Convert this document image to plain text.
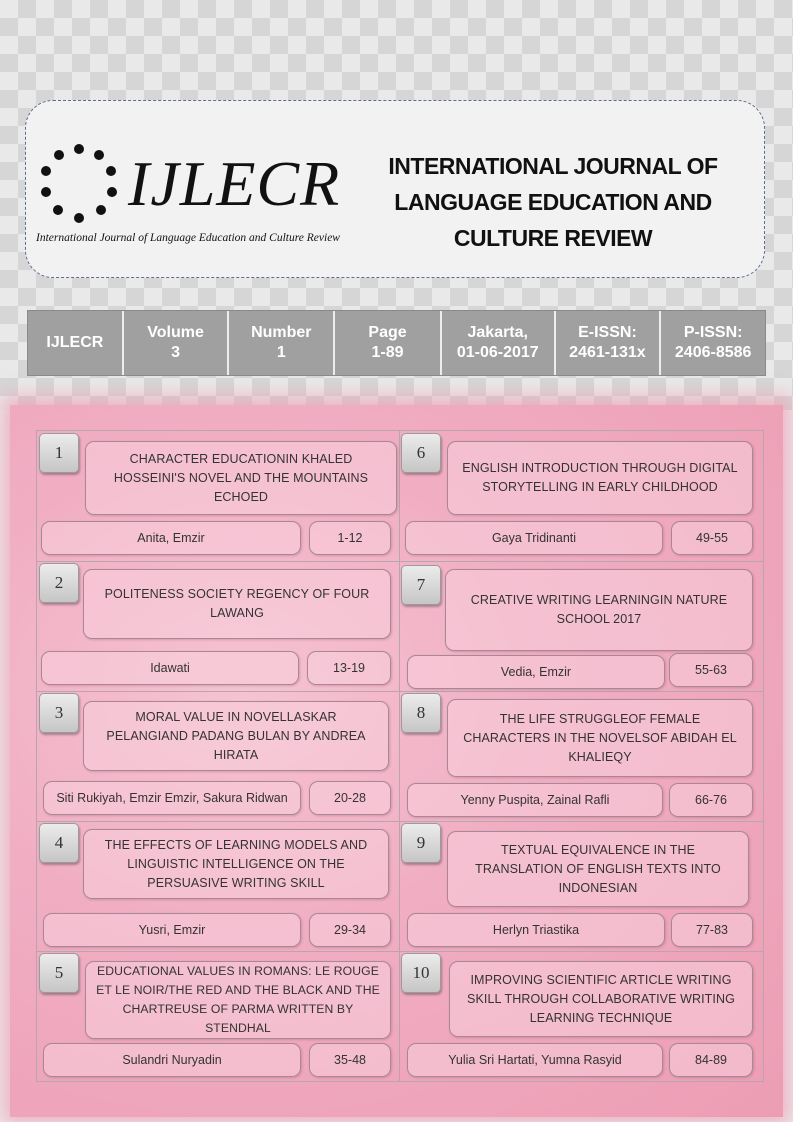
IJLECR
International Journal of Language Education and Culture Review
INTERNATIONAL JOURNAL OF LANGUAGE EDUCATION AND CULTURE REVIEW
IJLECR
Volume
3
Number
1
Page
1-89
Jakarta,
01-06-2017
E-ISSN:
2461-131x
P-ISSN:
2406-8586
1	CHARACTER EDUCATIONIN KHALED HOSSEINI'S NOVEL AND THE MOUNTAINS ECHOED
Anita, Emzir	1-12
2
POLITENESS SOCIETY REGENCY OF FOUR LAWANG
Idawati	13-19
3	MORAL VALUE IN NOVELLASKAR PELANGIAND PADANG BULAN BY ANDREA HIRATA
Siti Rukiyah, Emzir Emzir, Sakura Ridwan	20-28
4	THE EFFECTS OF LEARNING MODELS AND LINGUISTIC INTELLIGENCE ON THE PERSUASIVE WRITING SKILL
Yusri, Emzir	29-34
5	EDUCATIONAL VALUES IN ROMANS: LE ROUGE ET LE NOIR/THE RED AND THE BLACK AND THE CHARTREUSE OF PARMA WRITTEN BY STENDHAL
Sulandri Nuryadin	35-48
6
ENGLISH INTRODUCTION THROUGH DIGITAL STORYTELLING IN EARLY CHILDHOOD
Gaya Tridinanti	49-55
7
CREATIVE WRITING LEARNINGIN NATURE SCHOOL 2017
Vedia, Emzir	55-63
8	THE LIFE STRUGGLEOF FEMALE CHARACTERS IN THE NOVELSOF ABIDAH EL KHALIEQY
Yenny Puspita, Zainal Rafli	66-76
9	TEXTUAL EQUIVALENCE IN THE TRANSLATION OF ENGLISH TEXTS INTO INDONESIAN
Herlyn Triastika	77-83
10	IMPROVING SCIENTIFIC ARTICLE WRITING SKILL THROUGH COLLABORATIVE WRITING LEARNING TECHNIQUE
Yulia Sri Hartati, Yumna Rasyid	84-89
